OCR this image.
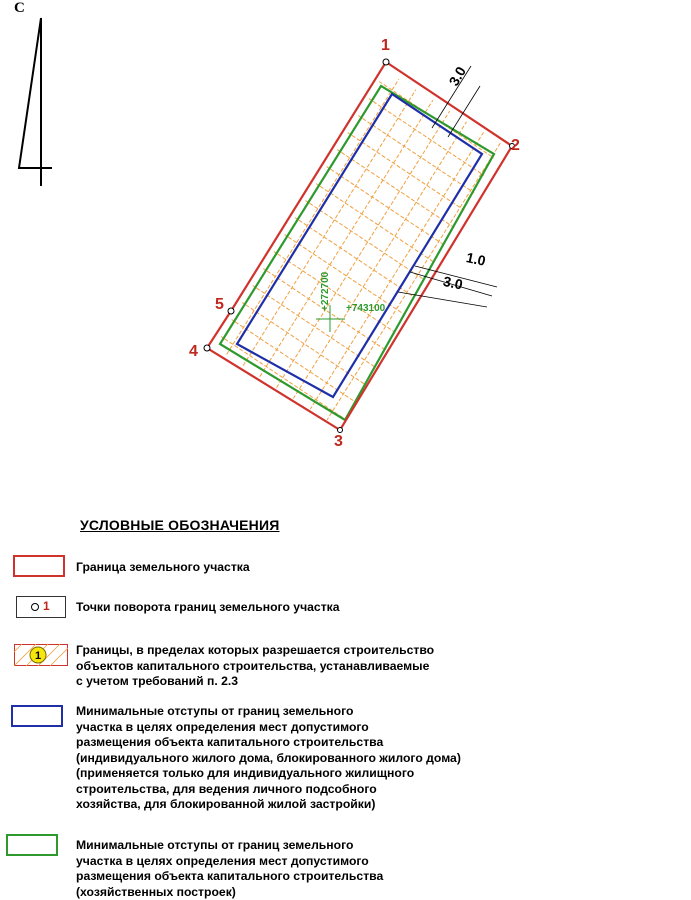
3.0
1.0
3.0
1
2
3
4
5	+272700 +743100
С
УСЛОВНЫЕ ОБОЗНАЧЕНИЯ
Граница земельного участка
1 Точки поворота границ земельного участка
1	Границы, в пределах которых разрешается строительство
объектов капитального строительства, устанавливаемые
с учетом требований п. 2.3
Минимальные отступы от границ земельного
участка в целях определения мест допустимого
размещения объекта капитального строительства
(индивидуального жилого дома, блокированного жилого дома)
(применяется только для индивидуального жилищного
строительства, для ведения личного подсобного
хозяйства, для блокированной жилой застройки)
Минимальные отступы от границ земельного
участка в целях определения мест допустимого
размещения объекта капитального строительства
(хозяйственных построек)
